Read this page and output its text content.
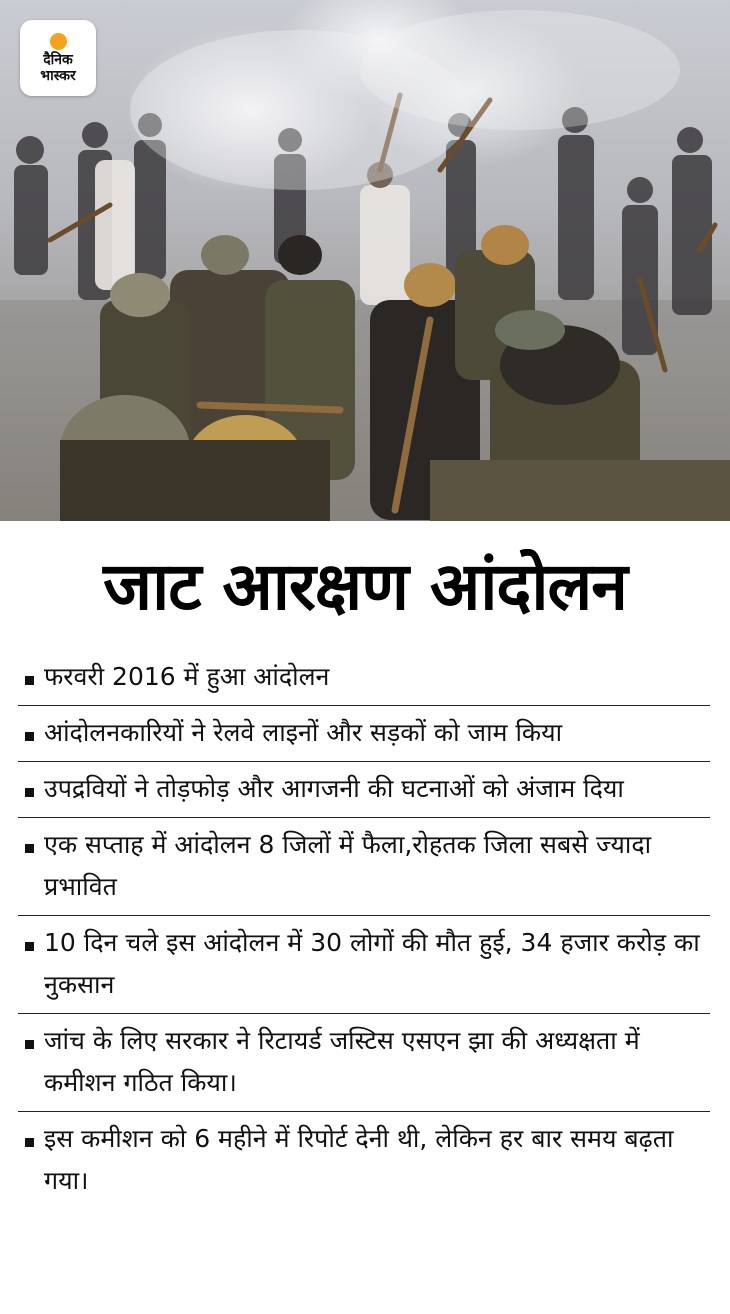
दैनिक
भास्कर
जाट आरक्षण आंदोलन
फरवरी 2016 में हुआ आंदोलन
आंदोलनकारियों ने रेलवे लाइनों और सड़कों को जाम किया
उपद्रवियों ने तोड़फोड़ और आगजनी की घटनाओं को अंजाम दिया
एक सप्ताह में आंदोलन 8 जिलों में फैला,रोहतक जिला सबसे ज्यादा प्रभावित
10 दिन चले इस आंदोलन में 30 लोगों की मौत हुई, 34 हजार करोड़ का नुकसान
जांच के लिए सरकार ने रिटायर्ड जस्टिस एसएन झा की अध्यक्षता में कमीशन गठित किया।
इस कमीशन को 6 महीने में रिपोर्ट देनी थी, लेकिन हर बार समय बढ़ता गया।
